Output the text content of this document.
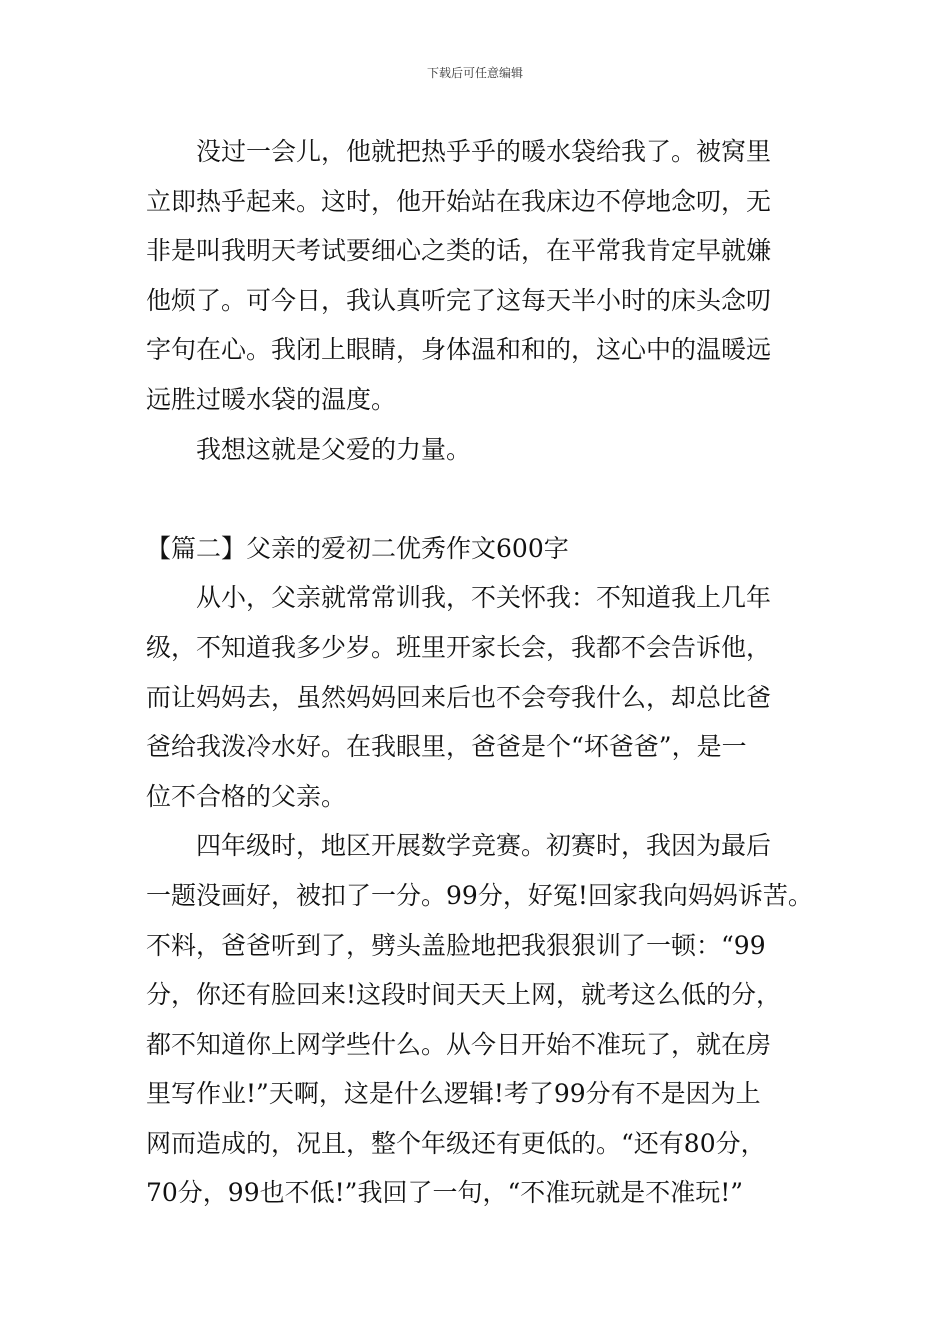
下载后可任意编辑
没过一会儿，他就把热乎乎的暖水袋给我了。被窝里
立即热乎起来。这时，他开始站在我床边不停地念叨，无
非是叫我明天考试要细心之类的话，在平常我肯定早就嫌
他烦了。可今日，我认真听完了这每天半小时的床头念叨
字句在心。我闭上眼睛，身体温和和的，这心中的温暖远
远胜过暖水袋的温度。
我想这就是父爱的力量。
【篇二】父亲的爱初二优秀作文600字
从小，父亲就常常训我，不关怀我：不知道我上几年
级，不知道我多少岁。班里开家长会，我都不会告诉他，
而让妈妈去，虽然妈妈回来后也不会夸我什么，却总比爸
爸给我泼冷水好。在我眼里，爸爸是个“坏爸爸”，是一
位不合格的父亲。
四年级时，地区开展数学竞赛。初赛时，我因为最后
一题没画好，被扣了一分。99分，好冤!回家我向妈妈诉苦。
不料，爸爸听到了，劈头盖脸地把我狠狠训了一顿：“99
分，你还有脸回来!这段时间天天上网，就考这么低的分，
都不知道你上网学些什么。从今日开始不准玩了，就在房
里写作业!”天啊，这是什么逻辑!考了99分有不是因为上
网而造成的，况且，整个年级还有更低的。“还有80分，
70分，99也不低!”我回了一句，“不准玩就是不准玩!”
